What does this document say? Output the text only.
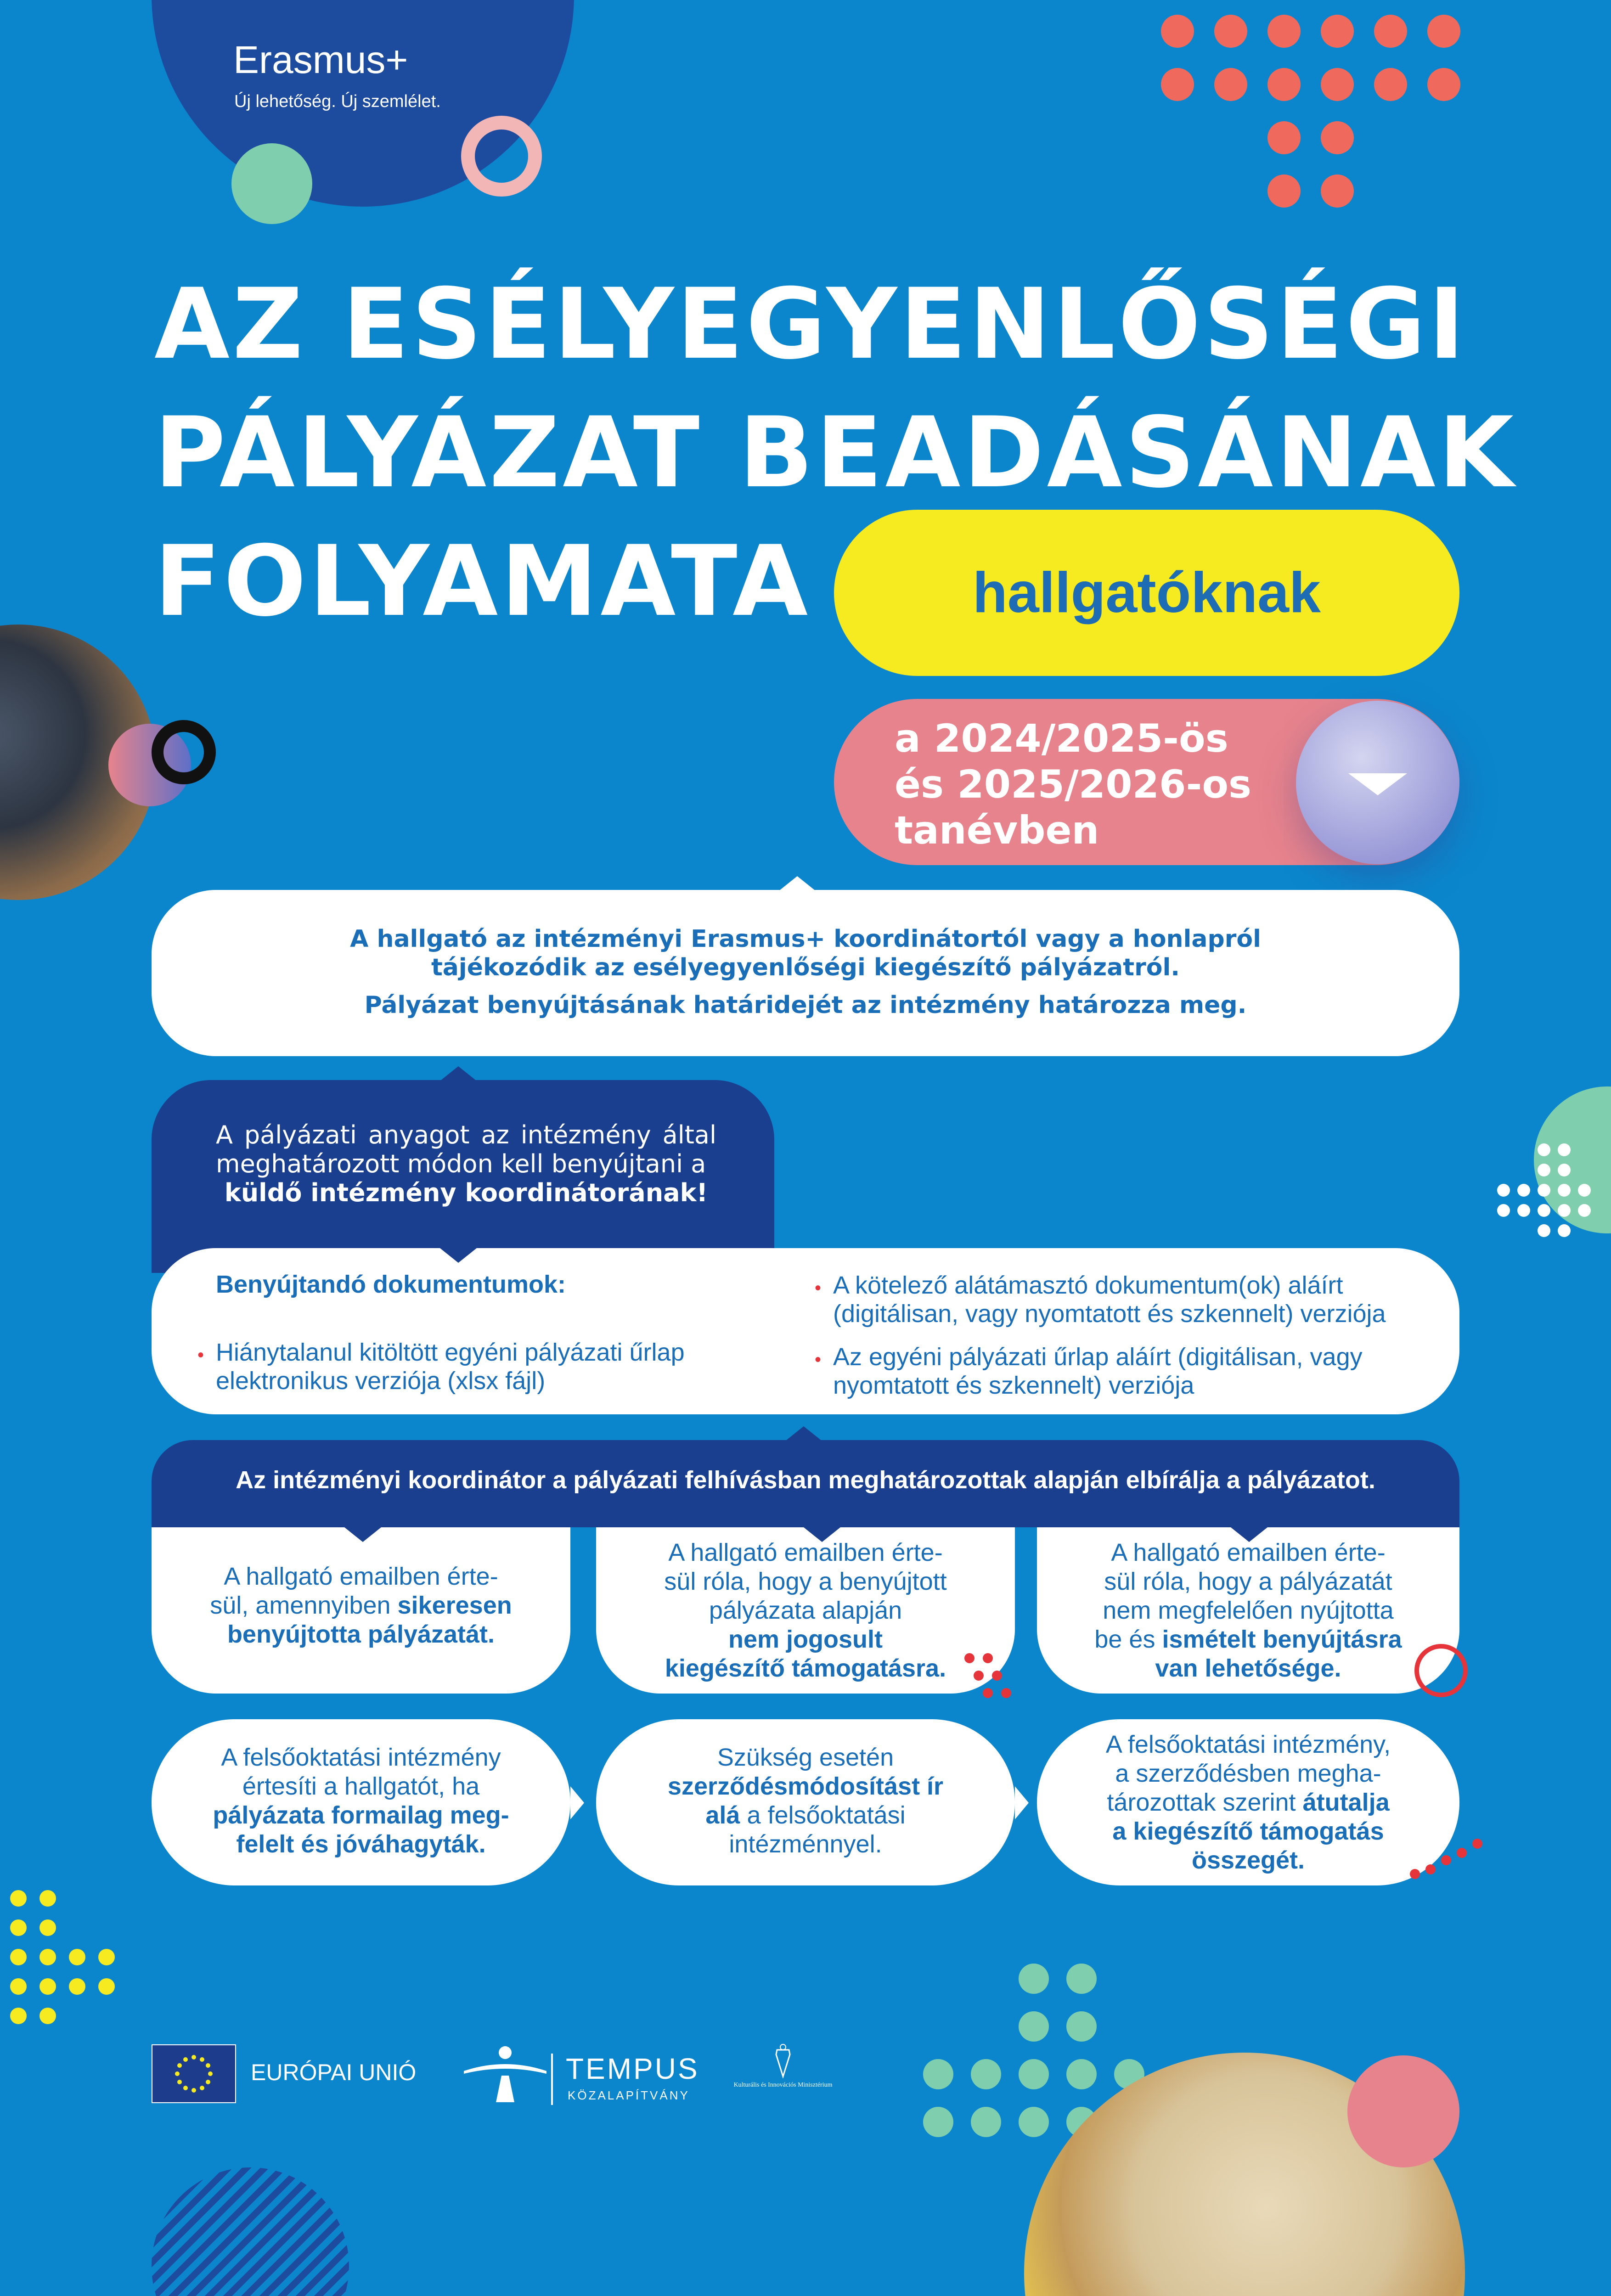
Erasmus+
Új lehetőség. Új szemlélet.
AZ ESÉLYEGYENLŐSÉGI
PÁLYÁZAT BEADÁSÁNAK
FOLYAMATA	hallgatóknak
a 2024/2025-ös
és 2025/2026-os
tanévben
A hallgató az intézményi Erasmus+ koordinátortól vagy a honlapról
tájékozódik az esélyegyenlőségi kiegészítő pályázatról.
Pályázat benyújtásának határidejét az intézmény határozza meg.
A pályázati anyagot az intézmény által meghatározott módon kell benyújtani a
küldő intézmény koordinátorának!
Benyújtandó dokumentumok:
• Hiánytalanul kitöltött egyéni pályázati űrlap elektronikus verziója (xlsx fájl)
• A kötelező alátámasztó dokumentum(ok) aláírt (digitálisan, vagy nyomtatott és szkennelt) verziója
• Az egyéni pályázati űrlap aláírt (digitálisan, vagy nyomtatott és szkennelt) verziója
Az intézményi koordinátor a pályázati felhívásban meghatározottak alapján elbírálja a pályázatot.
A hallgató emailben érte-
sül, amennyiben sikeresen
benyújtotta pályázatát.
A hallgató emailben érte-
sül róla, hogy a benyújtott
pályázata alapján
nem jogosult
kiegészítő támogatásra.
A hallgató emailben érte-
sül róla, hogy a pályázatát
nem megfelelően nyújtotta
be és ismételt benyújtásra
van lehetősége.
A felsőoktatási intézmény
értesíti a hallgatót, ha
pályázata formailag meg-
felelt és jóváhagyták.
Szükség esetén
szerződésmódosítást ír
alá a felsőoktatási
intézménnyel.
A felsőoktatási intézmény,
a szerződésben megha-
tározottak szerint átutalja
a kiegészítő támogatás
összegét.
EURÓPAI UNIÓ	TEMPUS
KÖZALAPÍTVÁNY
Kulturális és Innovációs Minisztérium
